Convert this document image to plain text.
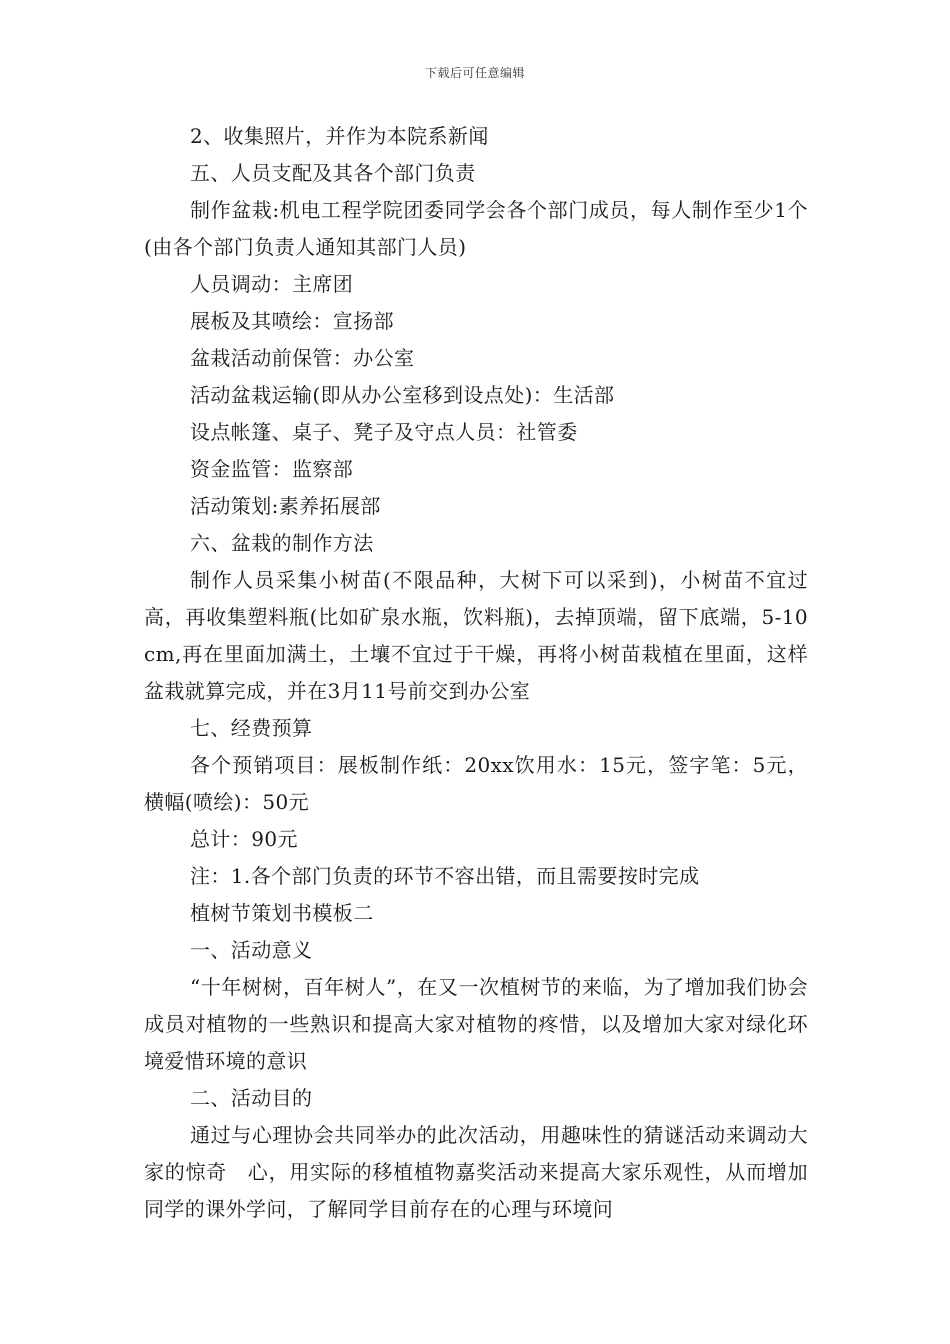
下载后可任意编辑

2、收集照片，并作为本院系新闻

五、人员支配及其各个部门负责

制作盆栽:机电工程学院团委同学会各个部门成员，每人制作至少1个(由各个部门负责人通知其部门人员)

人员调动：主席团

展板及其喷绘：宣扬部

盆栽活动前保管：办公室

活动盆栽运输(即从办公室移到设点处)：生活部

设点帐篷、桌子、凳子及守点人员：社管委

资金监管：监察部

活动策划:素养拓展部

六、盆栽的制作方法

制作人员采集小树苗(不限品种，大树下可以采到)，小树苗不宜过高，再收集塑料瓶(比如矿泉水瓶，饮料瓶)，去掉顶端，留下底端，5-10cm,再在里面加满土，土壤不宜过于干燥，再将小树苗栽植在里面，这样盆栽就算完成，并在3月11号前交到办公室

七、经费预算

各个预销项目：展板制作纸：20xx饮用水：15元，签字笔：5元，横幅(喷绘)：50元

总计：90元

注：1.各个部门负责的环节不容出错，而且需要按时完成

植树节策划书模板二

一、活动意义

“十年树树，百年树人”，在又一次植树节的来临，为了增加我们协会成员对植物的一些熟识和提高大家对植物的疼惜，以及增加大家对绿化环境爱惜环境的意识

二、活动目的

通过与心理协会共同举办的此次活动，用趣味性的猜谜活动来调动大家的惊奇　心，用实际的移植植物嘉奖活动来提高大家乐观性，从而增加同学的课外学问，了解同学目前存在的心理与环境问
